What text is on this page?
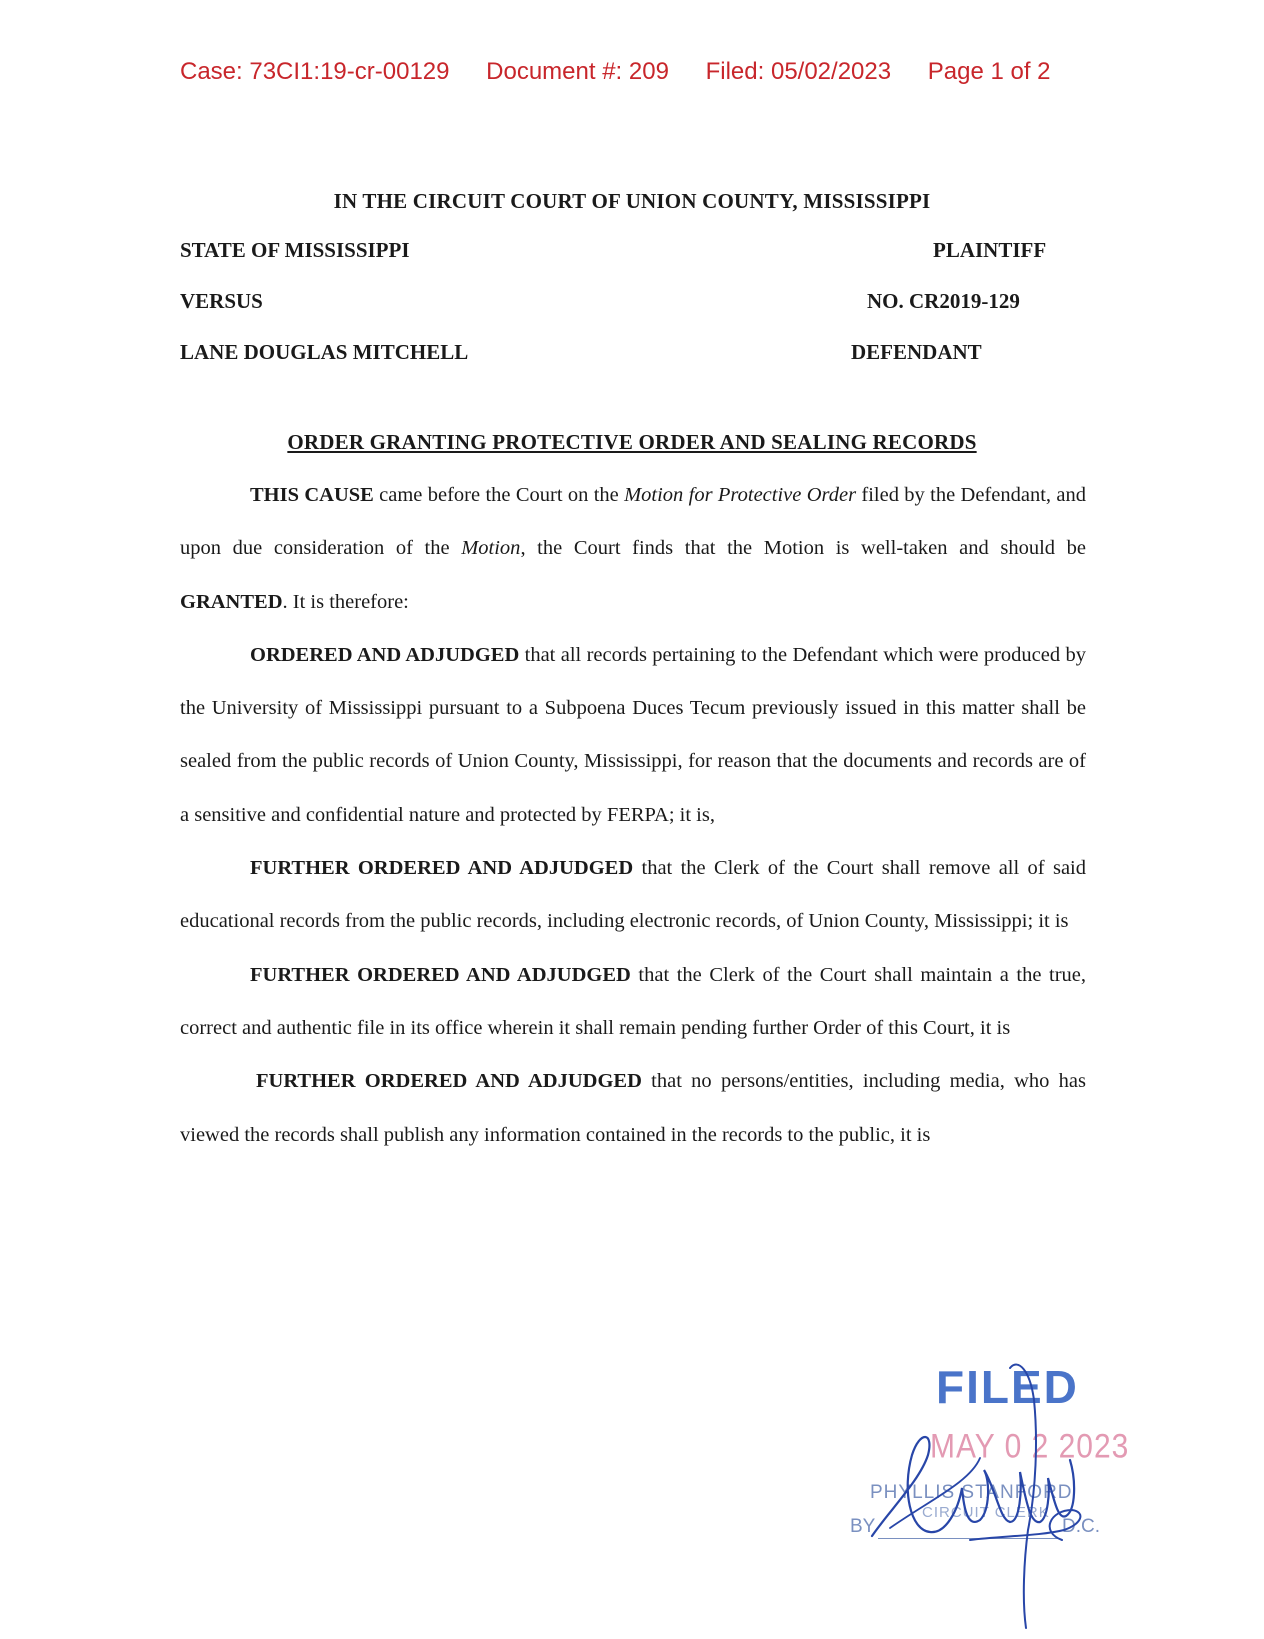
Case: 73CI1:19-cr-00129 Document #: 209 Filed: 05/02/2023 Page 1 of 2
IN THE CIRCUIT COURT OF UNION COUNTY, MISSISSIPPI
STATE OF MISSISSIPPI	PLAINTIFF
VERSUS	NO. CR2019-129
LANE DOUGLAS MITCHELL	DEFENDANT
ORDER GRANTING PROTECTIVE ORDER AND SEALING RECORDS

THIS CAUSE came before the Court on the Motion for Protective Order filed by the Defendant, and upon due consideration of the Motion, the Court finds that the Motion is well-taken and should be GRANTED. It is therefore:

ORDERED AND ADJUDGED that all records pertaining to the Defendant which were produced by the University of Mississippi pursuant to a Subpoena Duces Tecum previously issued in this matter shall be sealed from the public records of Union County, Mississippi, for reason that the documents and records are of a sensitive and confidential nature and protected by FERPA; it is,

FURTHER ORDERED AND ADJUDGED that the Clerk of the Court shall remove all of said educational records from the public records, including electronic records, of Union County, Mississippi; it is

FURTHER ORDERED AND ADJUDGED that the Clerk of the Court shall maintain a the true, correct and authentic file in its office wherein it shall remain pending further Order of this Court, it is

FURTHER ORDERED AND ADJUDGED that no persons/entities, including media, who has viewed the records shall publish any information contained in the records to the public, it is

FILED
MAY 0 2 2023
PHYLLIS STANFORD
CIRCUIT CLERK
BY	D.C.
